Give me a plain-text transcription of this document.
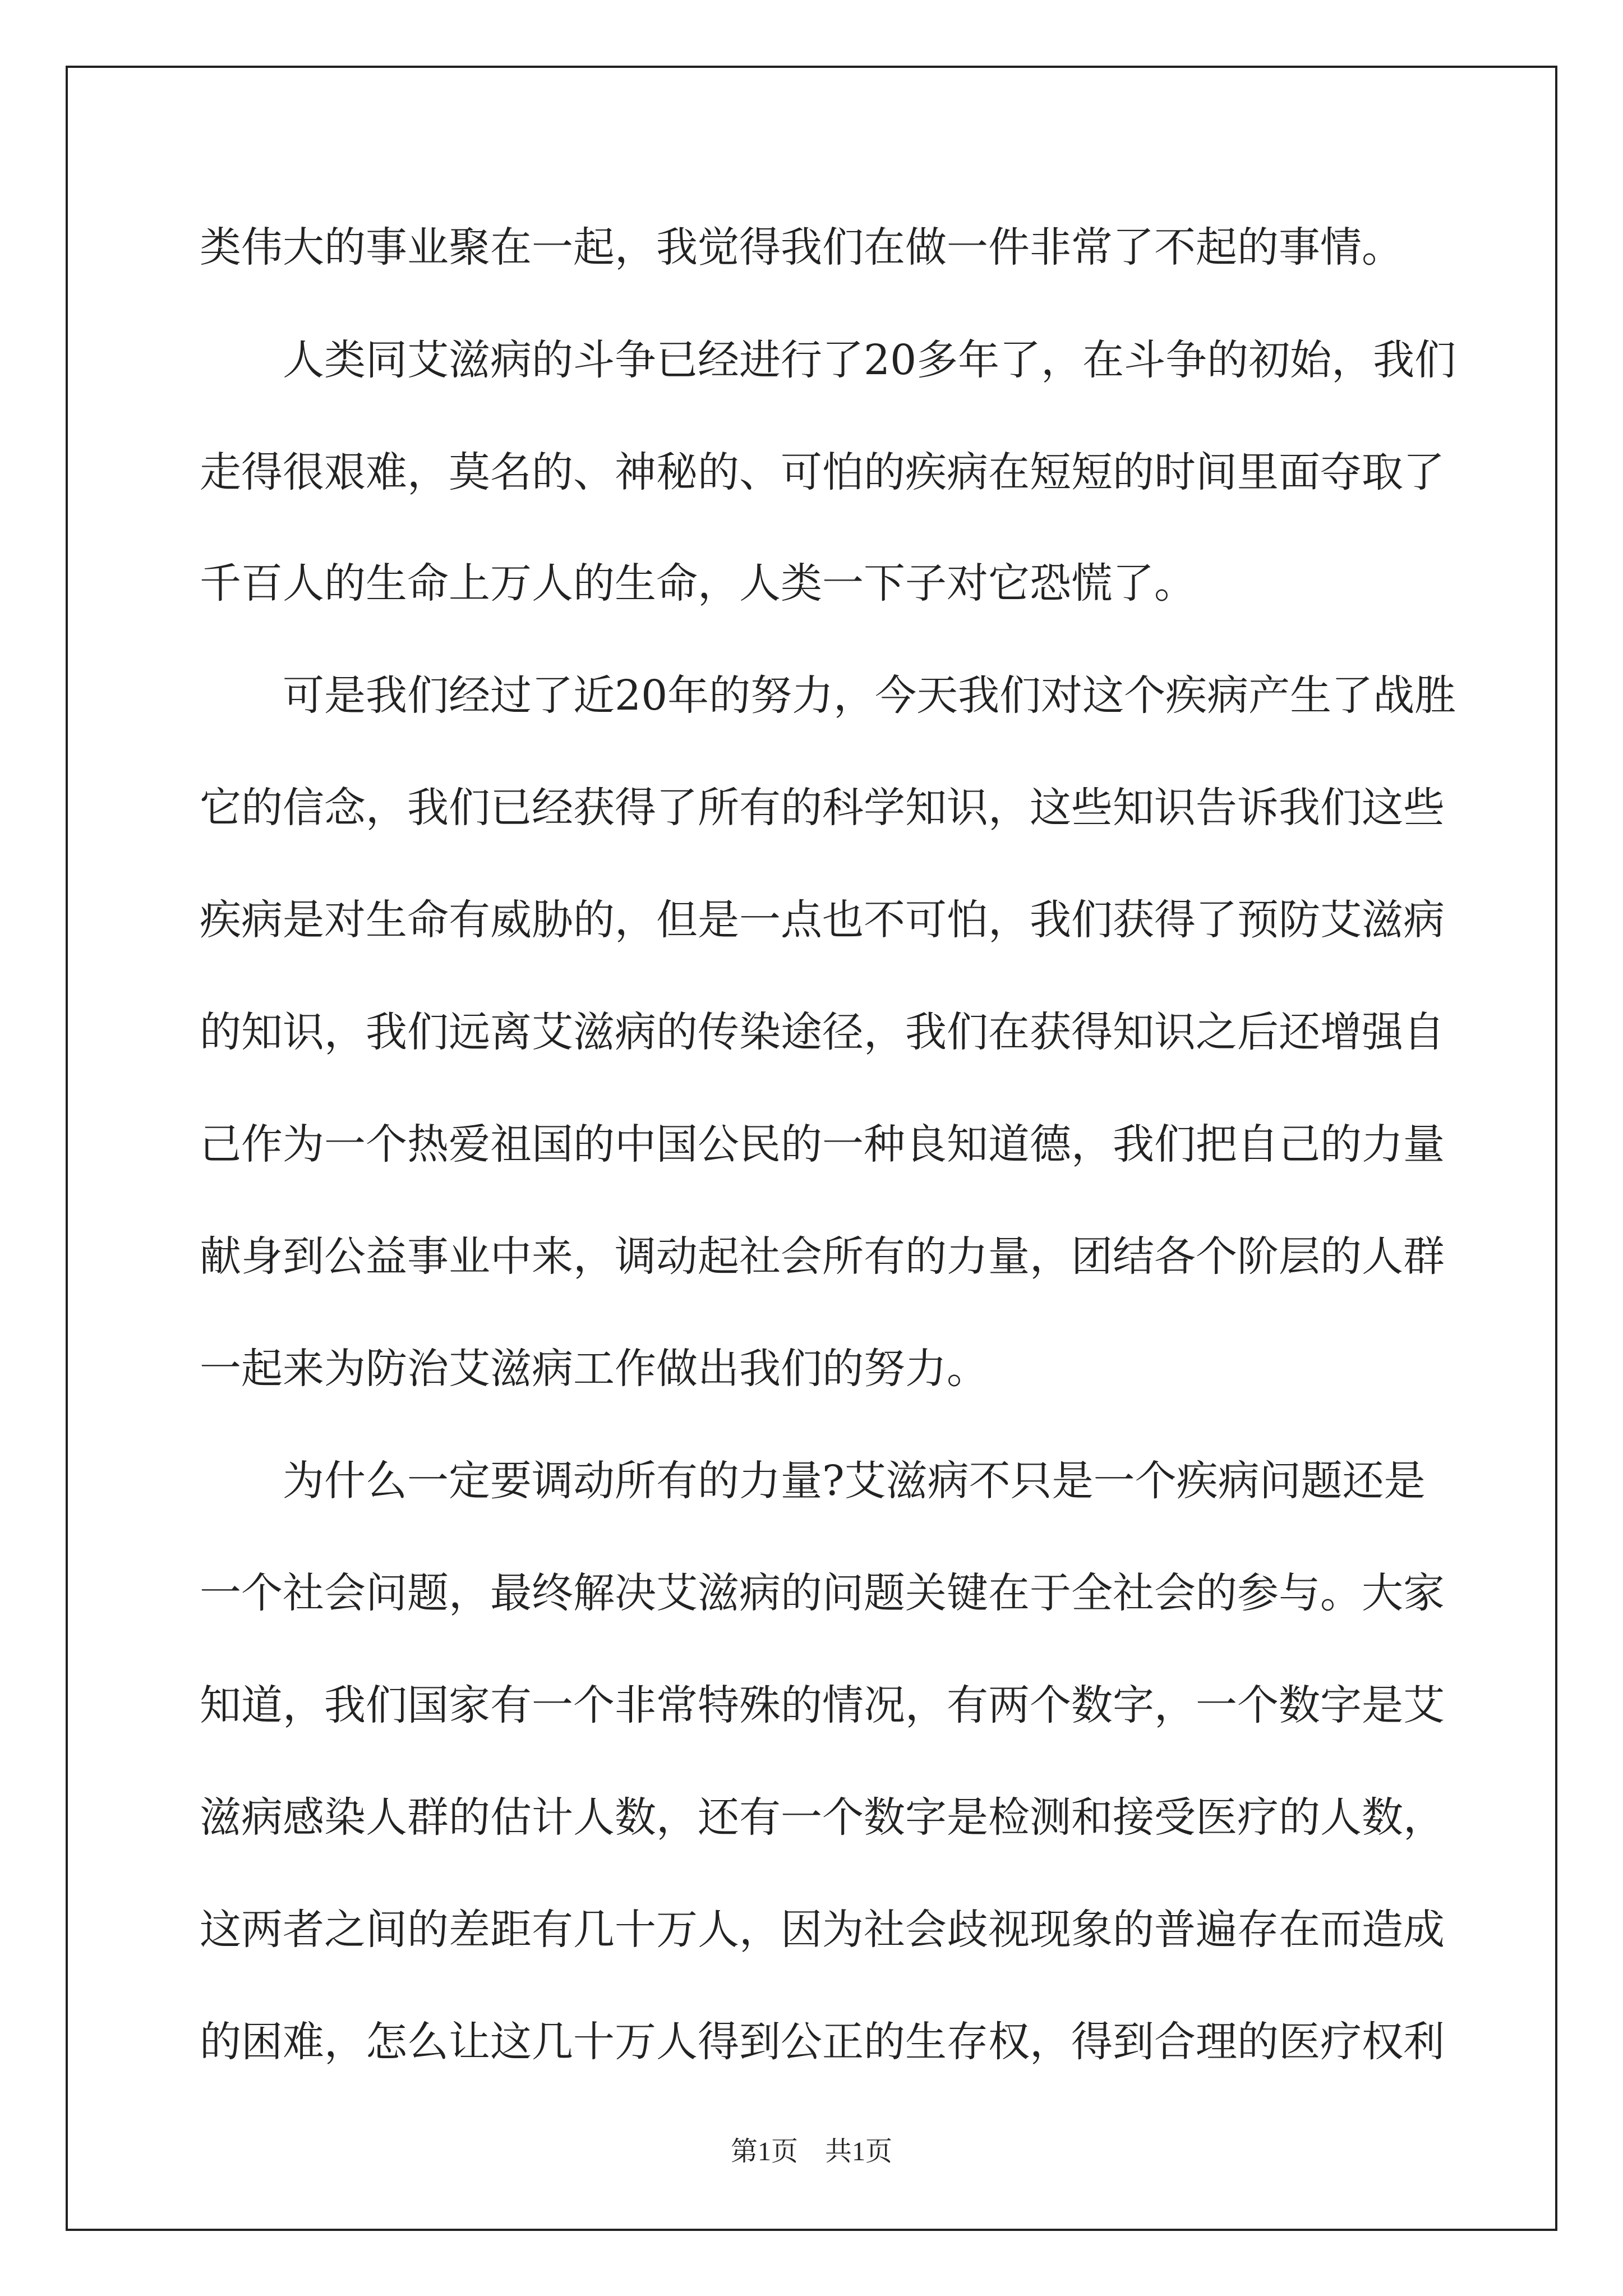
类伟大的事业聚在一起，我觉得我们在做一件非常了不起的事情。
　　人类同艾滋病的斗争已经进行了20多年了，在斗争的初始，我们
走得很艰难，莫名的、神秘的、可怕的疾病在短短的时间里面夺取了
千百人的生命上万人的生命，人类一下子对它恐慌了。
　　可是我们经过了近20年的努力，今天我们对这个疾病产生了战胜
它的信念，我们已经获得了所有的科学知识，这些知识告诉我们这些
疾病是对生命有威胁的，但是一点也不可怕，我们获得了预防艾滋病
的知识，我们远离艾滋病的传染途径，我们在获得知识之后还增强自
己作为一个热爱祖国的中国公民的一种良知道德，我们把自己的力量
献身到公益事业中来，调动起社会所有的力量，团结各个阶层的人群
一起来为防治艾滋病工作做出我们的努力。
　　为什么一定要调动所有的力量?艾滋病不只是一个疾病问题还是
一个社会问题，最终解决艾滋病的问题关键在于全社会的参与。大家
知道，我们国家有一个非常特殊的情况，有两个数字，一个数字是艾
滋病感染人群的估计人数，还有一个数字是检测和接受医疗的人数，
这两者之间的差距有几十万人，因为社会歧视现象的普遍存在而造成
的困难，怎么让这几十万人得到公正的生存权，得到合理的医疗权利
第1页　共1页
